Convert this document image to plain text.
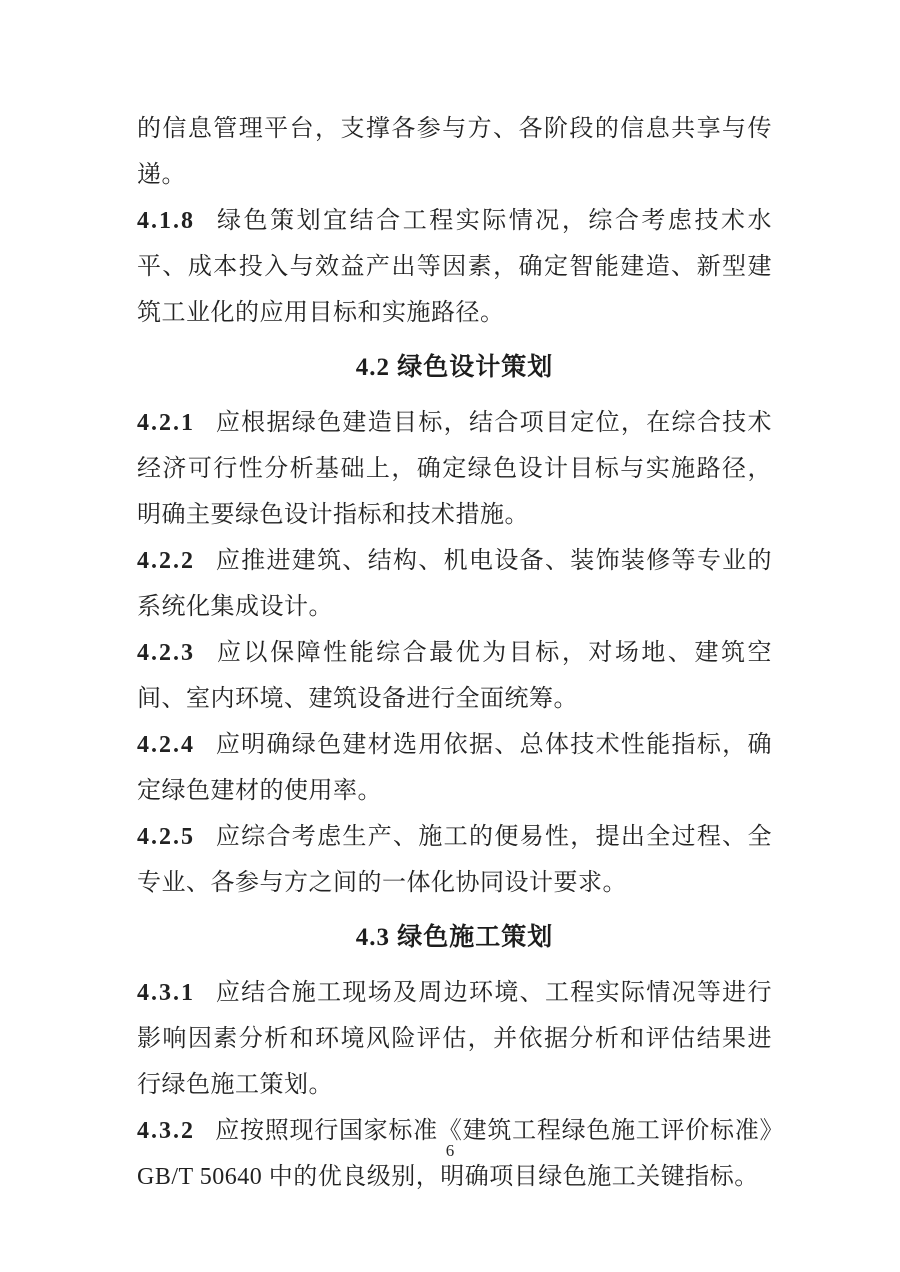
的信息管理平台，支撑各参与方、各阶段的信息共享与传递。

4.1.8 绿色策划宜结合工程实际情况，综合考虑技术水平、成本投入与效益产出等因素，确定智能建造、新型建筑工业化的应用目标和实施路径。

4.2 绿色设计策划

4.2.1 应根据绿色建造目标，结合项目定位，在综合技术经济可行性分析基础上，确定绿色设计目标与实施路径，明确主要绿色设计指标和技术措施。

4.2.2 应推进建筑、结构、机电设备、装饰装修等专业的系统化集成设计。

4.2.3 应以保障性能综合最优为目标，对场地、建筑空间、室内环境、建筑设备进行全面统筹。

4.2.4 应明确绿色建材选用依据、总体技术性能指标，确定绿色建材的使用率。

4.2.5 应综合考虑生产、施工的便易性，提出全过程、全专业、各参与方之间的一体化协同设计要求。

4.3 绿色施工策划

4.3.1 应结合施工现场及周边环境、工程实际情况等进行影响因素分析和环境风险评估，并依据分析和评估结果进行绿色施工策划。

4.3.2 应按照现行国家标准《建筑工程绿色施工评价标准》GB/T 50640 中的优良级别，明确项目绿色施工关键指标。

6
